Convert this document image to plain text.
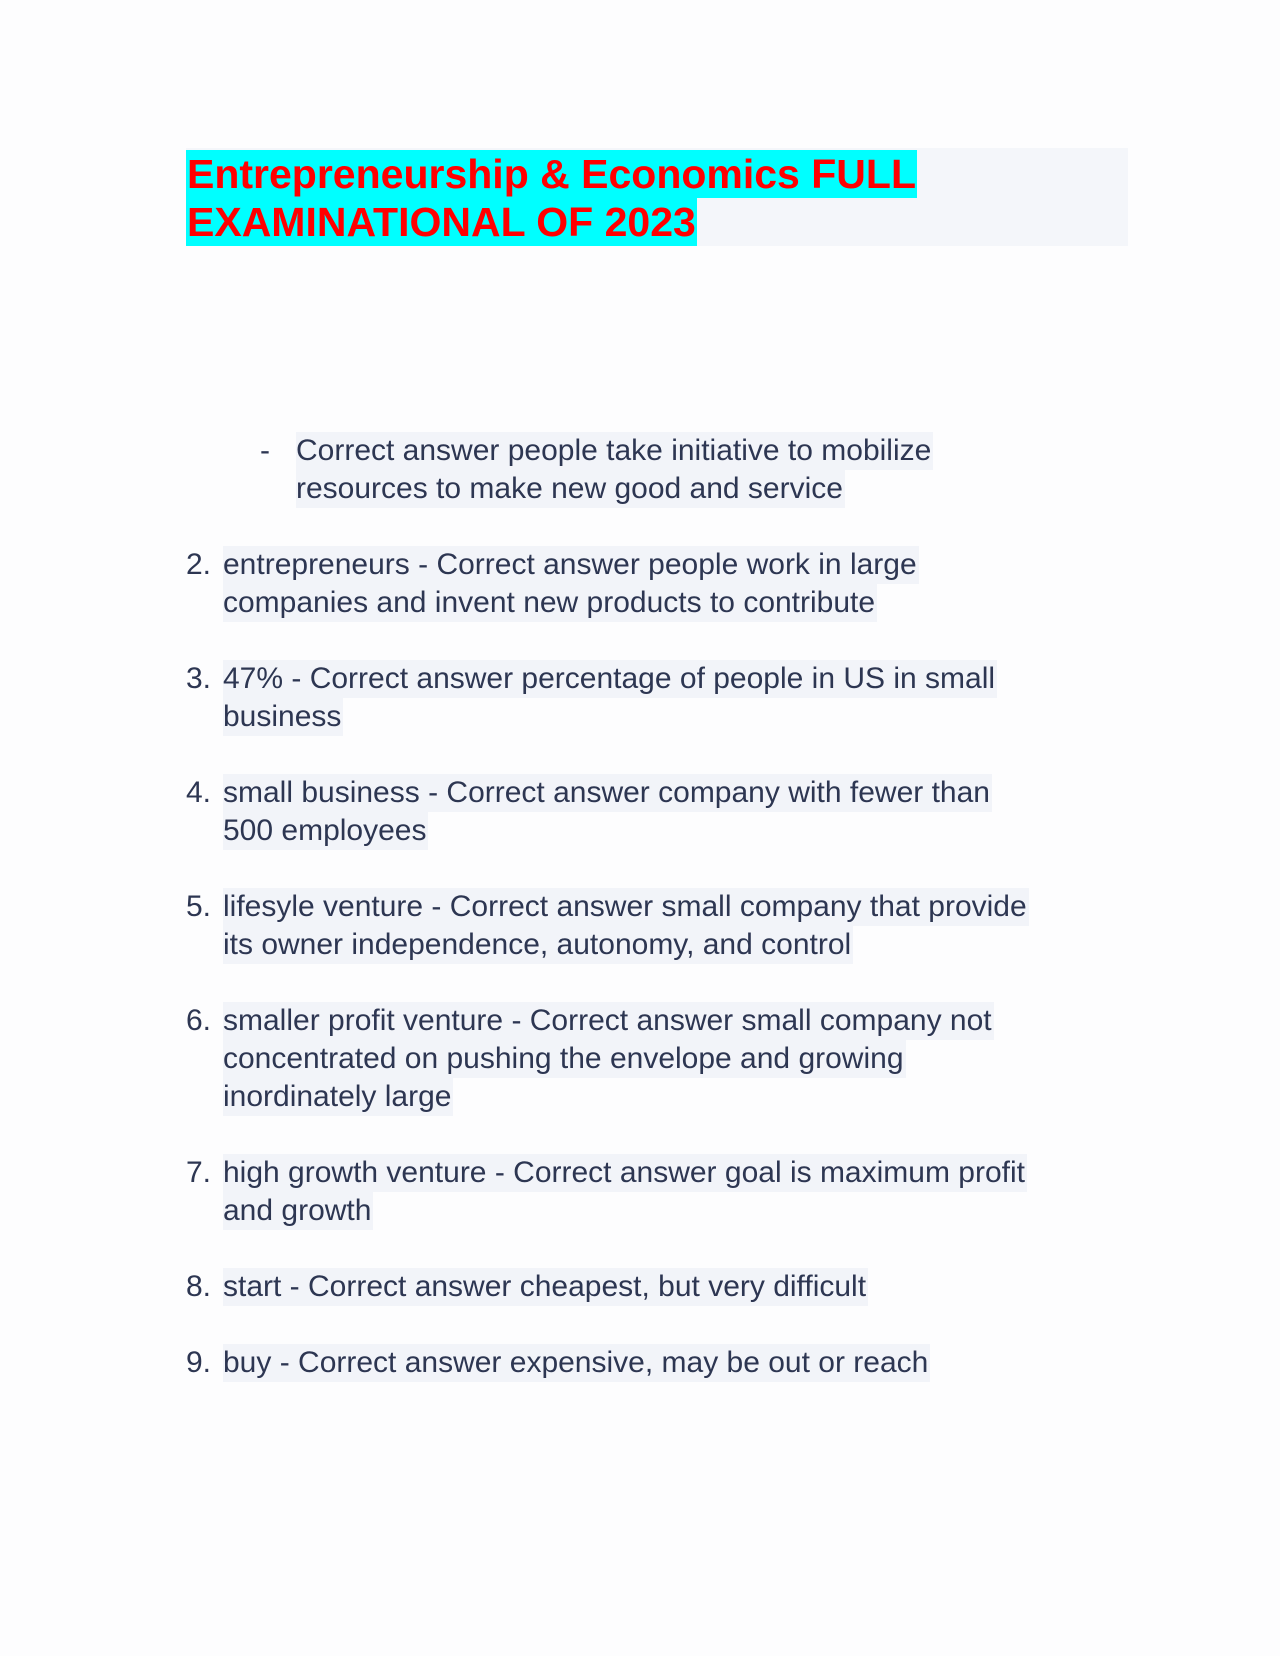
Entrepreneurship & Economics FULL
EXAMINATIONAL OF 2023
- Correct answer people take initiative to mobilize
resources to make new good and service
2. entrepreneurs - Correct answer people work in large
companies and invent new products to contribute
3. 47% - Correct answer percentage of people in US in small
business
4. small business - Correct answer company with fewer than
500 employees
5. lifesyle venture - Correct answer small company that provide
its owner independence, autonomy, and control
6. smaller profit venture - Correct answer small company not
concentrated on pushing the envelope and growing
inordinately large
7. high growth venture - Correct answer goal is maximum profit
and growth
8. start - Correct answer cheapest, but very difficult
9. buy - Correct answer expensive, may be out or reach
